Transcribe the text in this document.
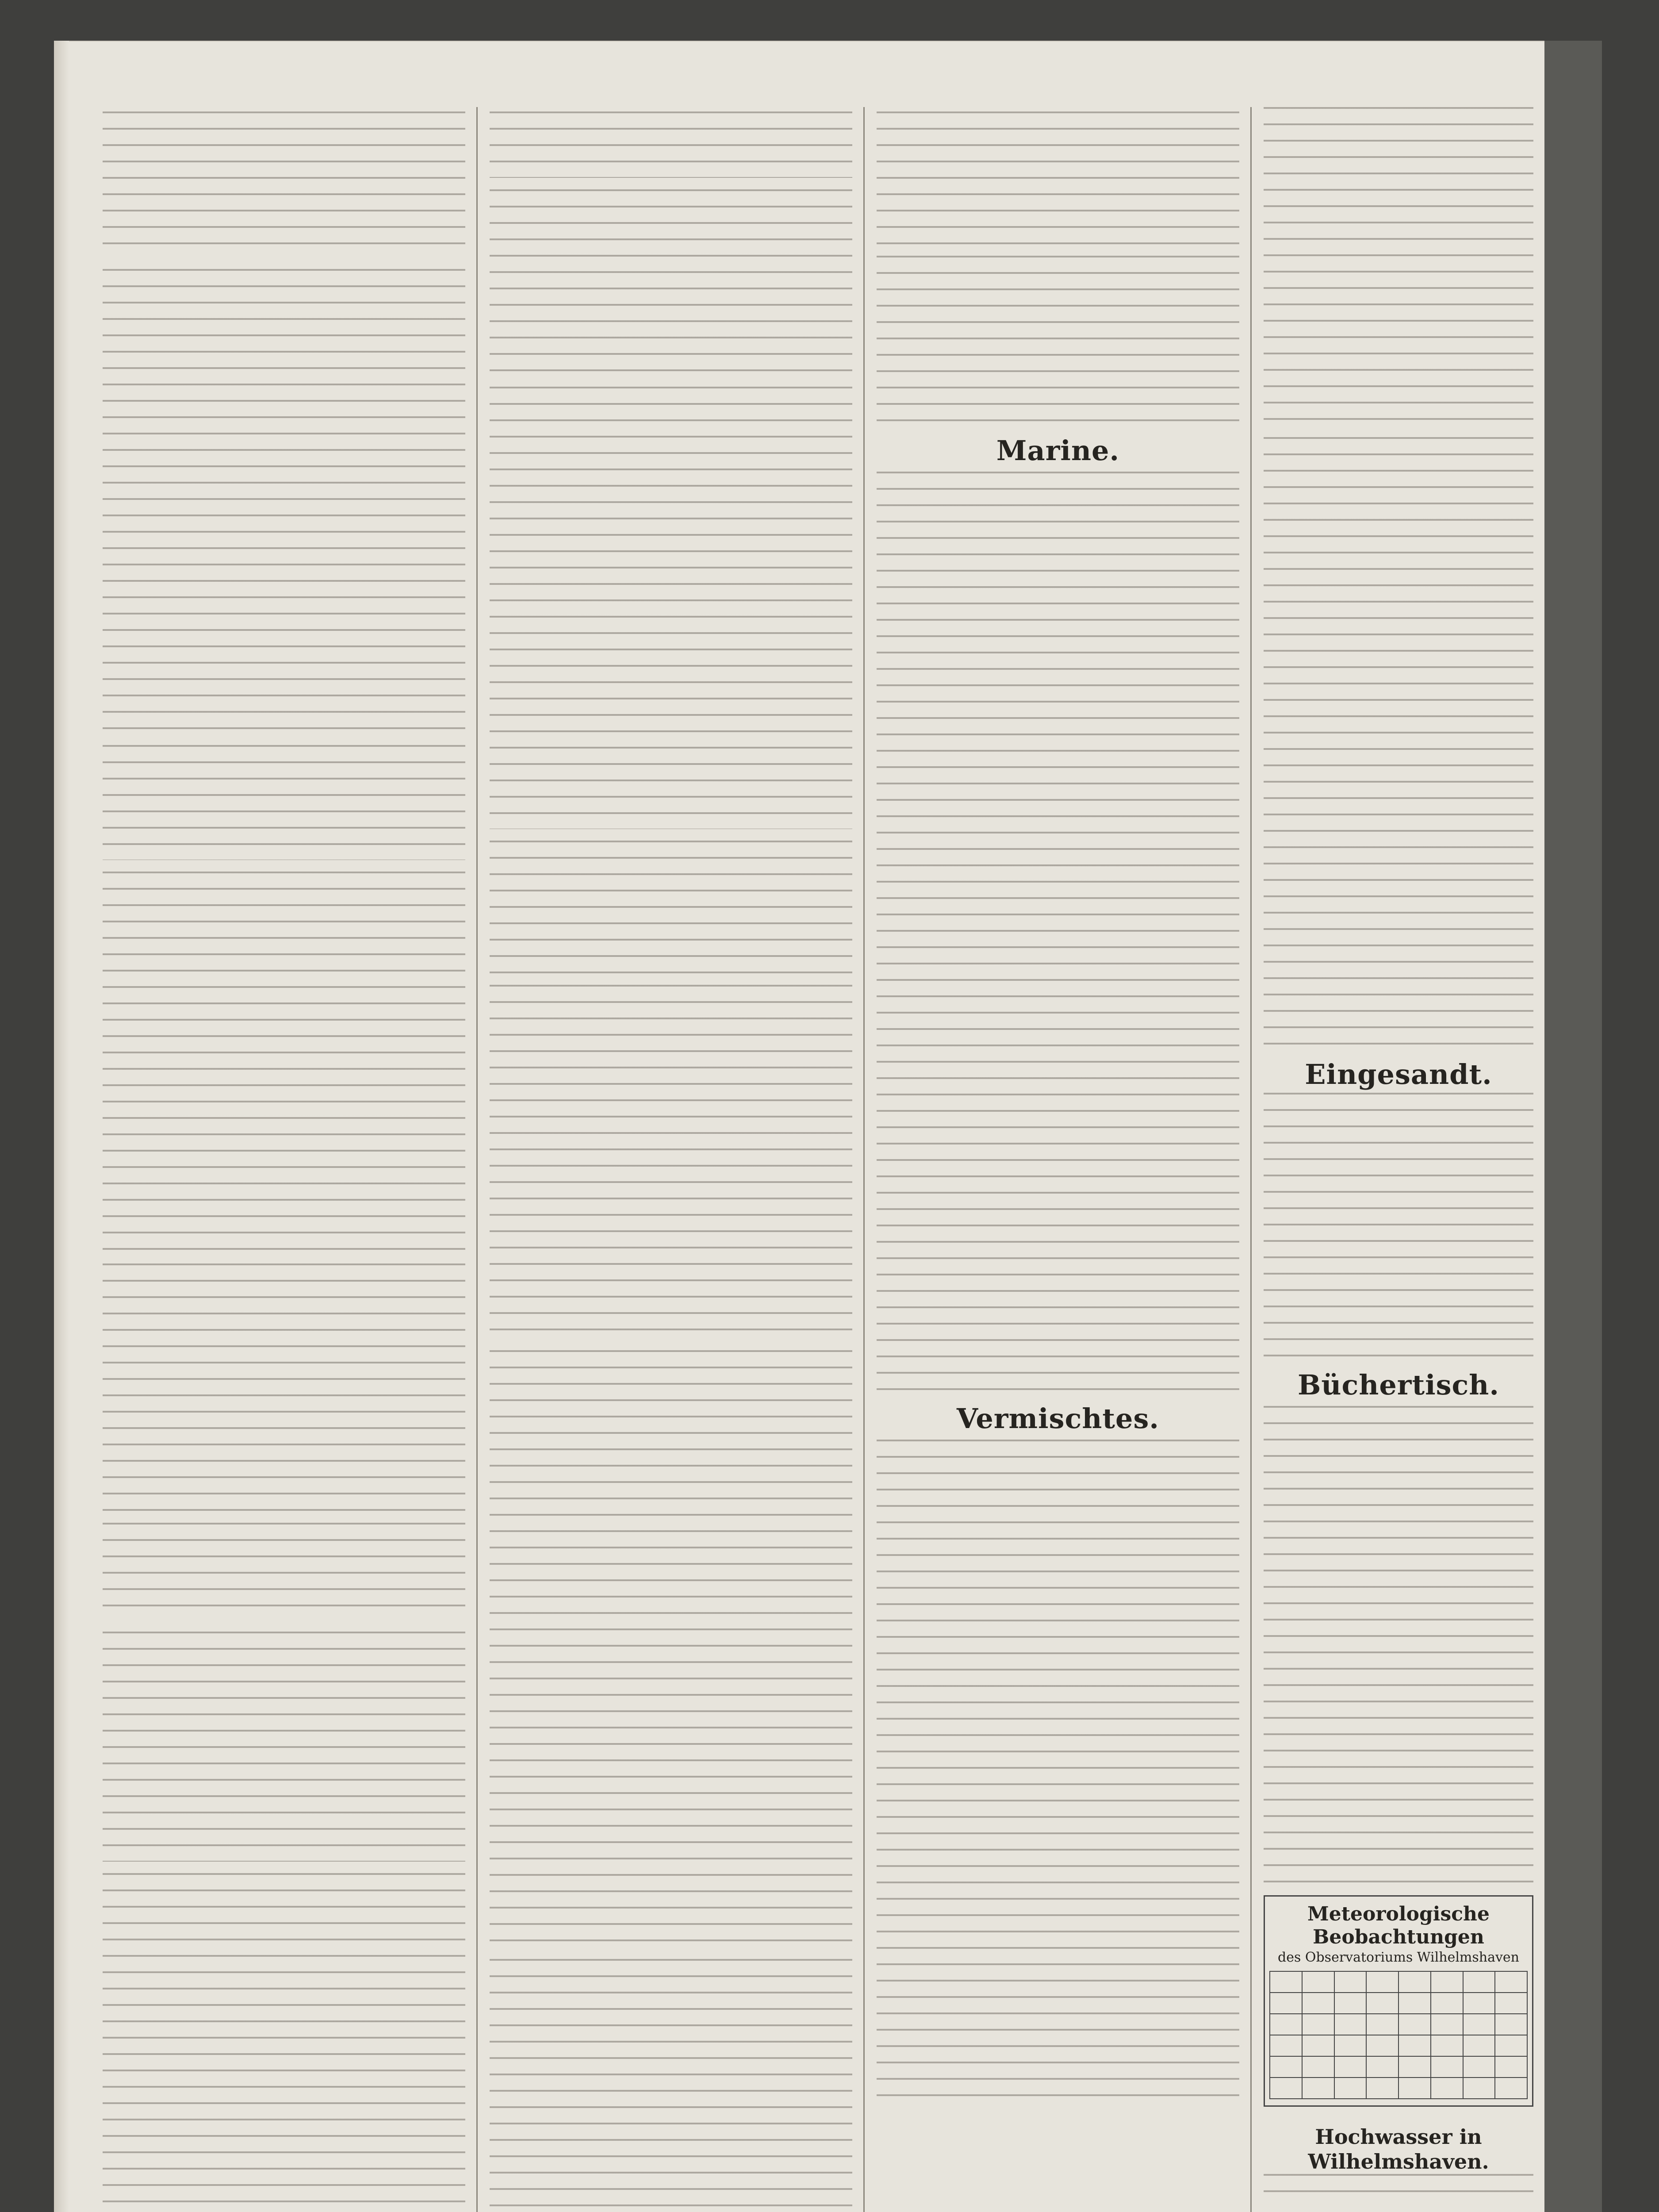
Marine.
Vermischtes.
Eingesandt.
Büchertisch.
Meteorologische Beobachtungen
des Observatoriums Wilhelmshaven

Hochwasser in Wilhelmshaven.
